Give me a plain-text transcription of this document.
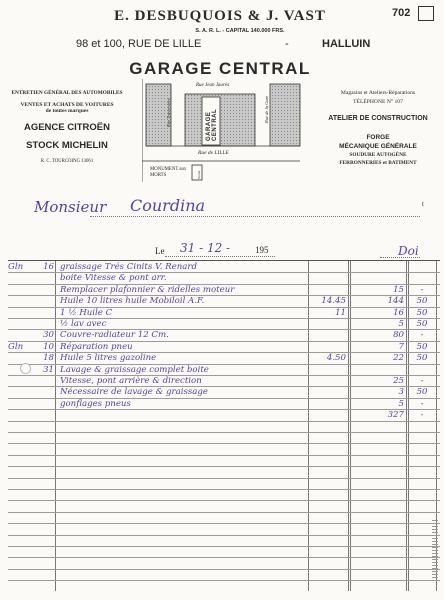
702
E. DESBUQUOIS & J. VAST
S. A. R. L. - CAPITAL 140.000 FRS.
98 et 100, RUE DE LILLE	-	HALLUIN
GARAGE CENTRAL
ENTRETIEN GÉNÉRAL DES AUTOMOBILES
VENTES ET ACHATS DE VOITURES
de toutes marques
AGENCE CITROËN
STOCK MICHELIN
R. C. TOURCOING 13061
Rue Jean Jaurès
Rue Traversière	Rue de la Gare
GARAGE CENTRAL
Rue de LILLE
MONUMENT aux MORTS	Sortie
Magasins et Ateliers-Réparations
TÉLÉPHONE N° 107
ATELIER DE CONSTRUCTION
FORGE
MÉCANIQUE GÉNÉRALE
SOUDURE AUTOGÈNE
FERRONNERIES et BATIMENT
Monsieur Courdina	t
Le 31 - 12 -	195	Doi
Gln	16 graissage Trés Cinits V. Renard
boite Vitesse & pont arr.
Remplacer plafonnier & ridelles moteur	15	-
Huile 10 litres huile Mobiloil A.F.	14.45	144	50
1 ½ Huile C	11	16	50
½ lav avec	5	50
30 Couvre-radiateur 12 Cm.	80	-
Gln	10 Réparation pneu	7	50
18 Huile 5 litres gazoline	4.50	22	50
31 Lavage & graissage complet boite
Vitesse, pont arrière & direction	25	-
Nécessaire de lavage & graissage	3	50
gonflages pneus	5	-
327	-
